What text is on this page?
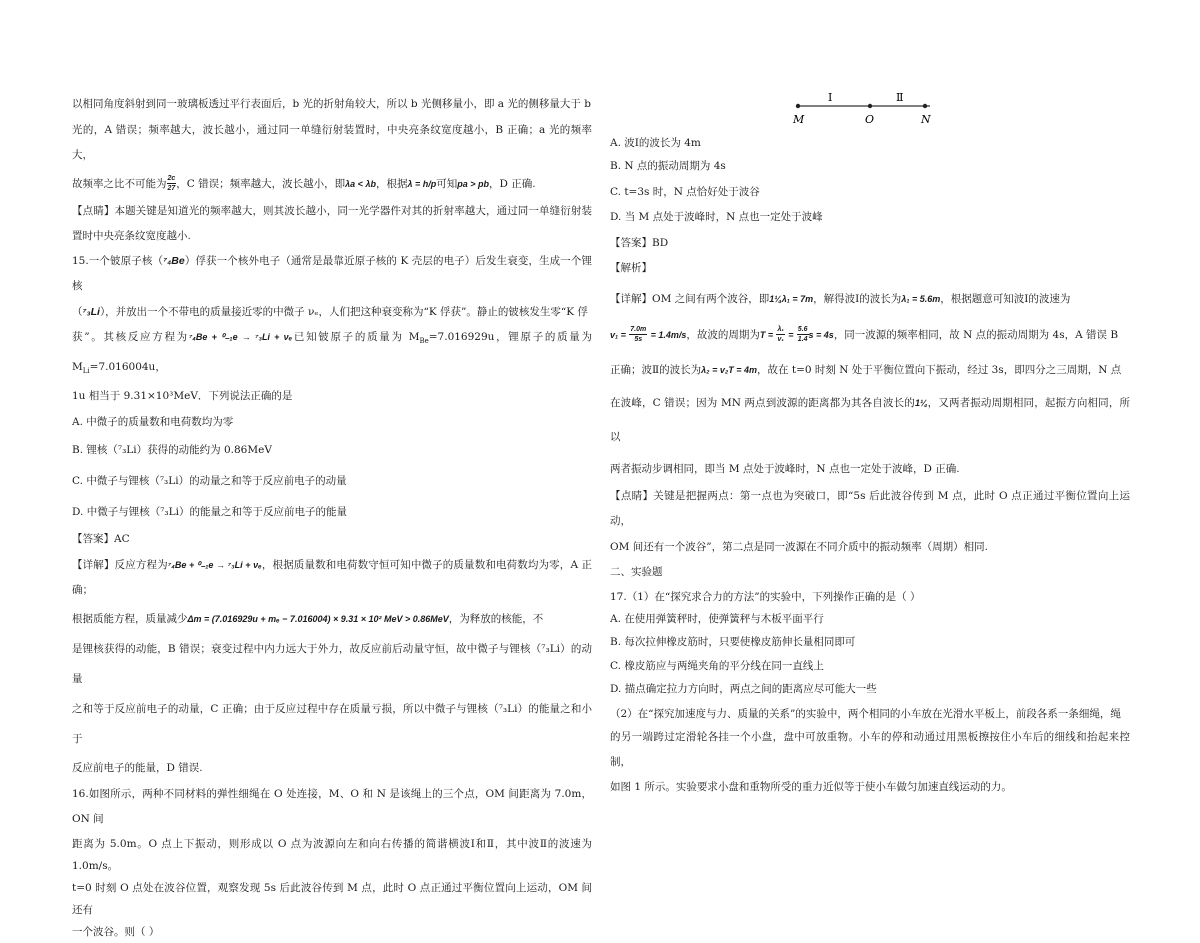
以相同角度斜射到同一玻璃板透过平行表面后，b 光的折射角较大，所以 b 光侧移量小，即 a 光的侧移量大于 b

光的，A 错误；频率越大，波长越小，通过同一单缝衍射装置时，中央亮条纹宽度越小，B 正确；a 光的频率大，

故频率之比不可能为 $\frac{2c}{27}$ ，C 错误；频率越大，波长越小，即λa < λb，根据λ = h/p可知pa > pb，D 正确.

【点睛】本题关键是知道光的频率越大，则其波长越小，同一光学器件对其的折射率越大，通过同一单缝衍射装置时中央亮条纹宽度越小.

15.一个铍原子核（⁷₄Be）俘获一个核外电子（通常是最靠近原子核的 K 壳层的电子）后发生衰变，生成一个锂核

（⁷₃Li），并放出一个不带电的质量接近零的中微子 νₑ，人们把这种衰变称为“K 俘获”。静止的铍核发生零“K 俘

获”。其核反应方程为⁷₄Be + ⁰₋₁e → ⁷₃Li + νₑ已知铍原子的质量为 $M_{Be}=7.016929u$，锂原子的质量为 $M_{Li}=7.016004u$，

1u 相当于 9.31×10³MeV．下列说法正确的是

A. 中微子的质量数和电荷数均为零

B. 锂核（⁷₃Li）获得的动能约为 0.86MeV

C. 中微子与锂核（⁷₃Li）的动量之和等于反应前电子的动量

D. 中微子与锂核（⁷₃Li）的能量之和等于反应前电子的能量

【答案】AC

【详解】反应方程为⁷₄Be + ⁰₋₁e → ⁷₃Li + νₑ，根据质量数和电荷数守恒可知中微子的质量数和电荷数均为零，A 正确；

根据质能方程，质量减少Δm = (7.016929u + mₑ − 7.016004) × 9.31 × 10² MeV > 0.86MeV，为释放的核能，不

是锂核获得的动能，B 错误；衰变过程中内力远大于外力，故反应前后动量守恒，故中微子与锂核（⁷₃Li）的动量

之和等于反应前电子的动量，C 正确；由于反应过程中存在质量亏损，所以中微子与锂核（⁷₃Li）的能量之和小于

反应前电子的能量，D 错误.

16.如图所示，两种不同材料的弹性细绳在 O 处连接，M、O 和 N 是该绳上的三个点，OM 间距离为 7.0m，ON 间

距离为 5.0m。O 点上下振动，则形成以 O 点为波源向左和向右传播的简谐横波Ⅰ和Ⅱ，其中波Ⅱ的波速为 1.0m/s。

t=0 时刻 O 点处在波谷位置，观察发现 5s 后此波谷传到 M 点，此时 O 点正通过平衡位置向上运动，OM 间还有

一个波谷。则（ ）

Ⅰ	Ⅱ
M	O	N

A. 波Ⅰ的波长为 4m

B. N 点的振动周期为 4s

C. t=3s 时，N 点恰好处于波谷

D. 当 M 点处于波峰时，N 点也一定处于波峰

【答案】BD

【解析】

【详解】OM 之间有两个波谷，即1¼λ₁ = 7m，解得波Ⅰ的波长为λ₁ = 5.6m，根据题意可知波Ⅰ的波速为

$v_1 = \frac{7.0m}{5s} = 1.4m/s$，故波的周期为$T = \frac{\text{λ₁}}{\text{v₁}} = \frac{5.6}{1.4}$ s = 4s，同一波源的频率相同，故 N 点的振动周期为 4s，A 错误 B

正确；波Ⅱ的波长为λ₂ = v₂T = 4m，故在 t=0 时刻 N 处于平衡位置向下振动，经过 3s，即四分之三周期，N 点

在波峰，C 错误；因为 MN 两点到波源的距离都为其各自波长的1¼，又两者振动周期相同，起振方向相同，所以

两者振动步调相同，即当 M 点处于波峰时，N 点也一定处于波峰，D 正确.

【点睛】关键是把握两点：第一点也为突破口，即“5s 后此波谷传到 M 点，此时 O 点正通过平衡位置向上运动，

OM 间还有一个波谷”，第二点是同一波源在不同介质中的振动频率（周期）相同.

二、实验题

17.（1）在“探究求合力的方法”的实验中，下列操作正确的是（ ）

A. 在使用弹簧秤时，使弹簧秤与木板平面平行

B. 每次拉伸橡皮筋时，只要使橡皮筋伸长量相同即可

C. 橡皮筋应与两绳夹角的平分线在同一直线上

D. 描点确定拉力方向时，两点之间的距离应尽可能大一些

（2）在“探究加速度与力、质量的关系”的实验中，两个相同的小车放在光滑水平板上，前段各系一条细绳，绳

的另一端跨过定滑轮各挂一个小盘，盘中可放重物。小车的停和动通过用黑板擦按住小车后的细线和抬起来控制，

如图 1 所示。实验要求小盘和重物所受的重力近似等于使小车做匀加速直线运动的力。
